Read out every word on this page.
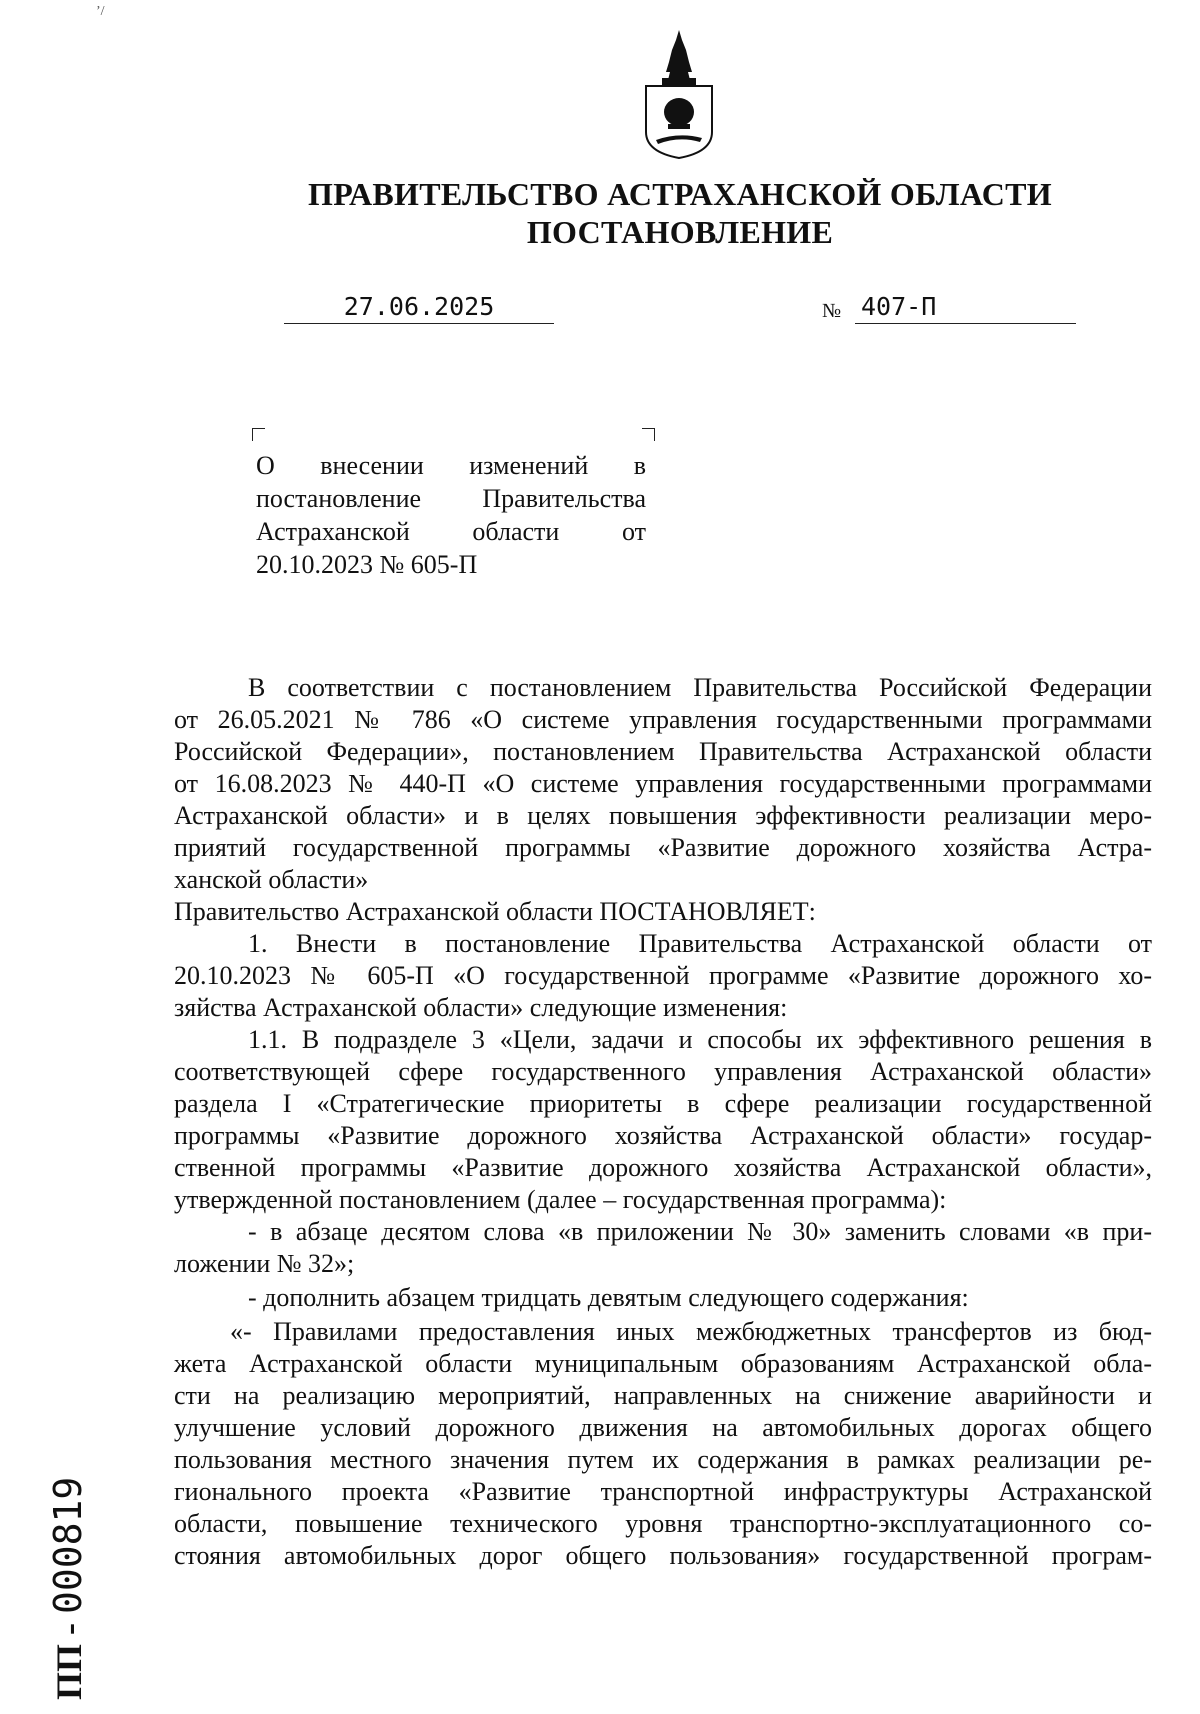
ʼ/
ПРАВИТЕЛЬСТВО АСТРАХАНСКОЙ ОБЛАСТИ
ПОСТАНОВЛЕНИЕ
27.06.2025	№ 407-П
О внесении изменений в постановление Правительства Астраханской области от 20.10.2023 № 605-П
В соответствии с постановлением Правительства Российской Федерации
от 26.05.2021 № 786 «О системе управления государственными программами
Российской Федерации», постановлением Правительства Астраханской области
от 16.08.2023 № 440-П «О системе управления государственными программами
Астраханской области» и в целях повышения эффективности реализации меро-
приятий государственной программы «Развитие дорожного хозяйства Астра-
ханской области»
Правительство Астраханской области ПОСТАНОВЛЯЕТ:
1. Внести в постановление Правительства Астраханской области от
20.10.2023 № 605-П «О государственной программе «Развитие дорожного хо-
зяйства Астраханской области» следующие изменения:
1.1. В подразделе 3 «Цели, задачи и способы их эффективного решения в
соответствующей сфере государственного управления Астраханской области»
раздела I «Стратегические приоритеты в сфере реализации государственной
программы «Развитие дорожного хозяйства Астраханской области» государ-
ственной программы «Развитие дорожного хозяйства Астраханской области»,
утвержденной постановлением (далее – государственная программа):
- в абзаце десятом слова «в приложении № 30» заменить словами «в при-
ложении № 32»;
- дополнить абзацем тридцать девятым следующего содержания:
«- Правилами предоставления иных межбюджетных трансфертов из бюд-
жета Астраханской области муниципальным образованиям Астраханской обла-
сти на реализацию мероприятий, направленных на снижение аварийности и
улучшение условий дорожного движения на автомобильных дорогах общего
пользования местного значения путем их содержания в рамках реализации ре-
гионального проекта «Развитие транспортной инфраструктуры Астраханской
области, повышение технического уровня транспортно-эксплуатационного со-
стояния автомобильных дорог общего пользования» государственной програм-
ПП - 000819
